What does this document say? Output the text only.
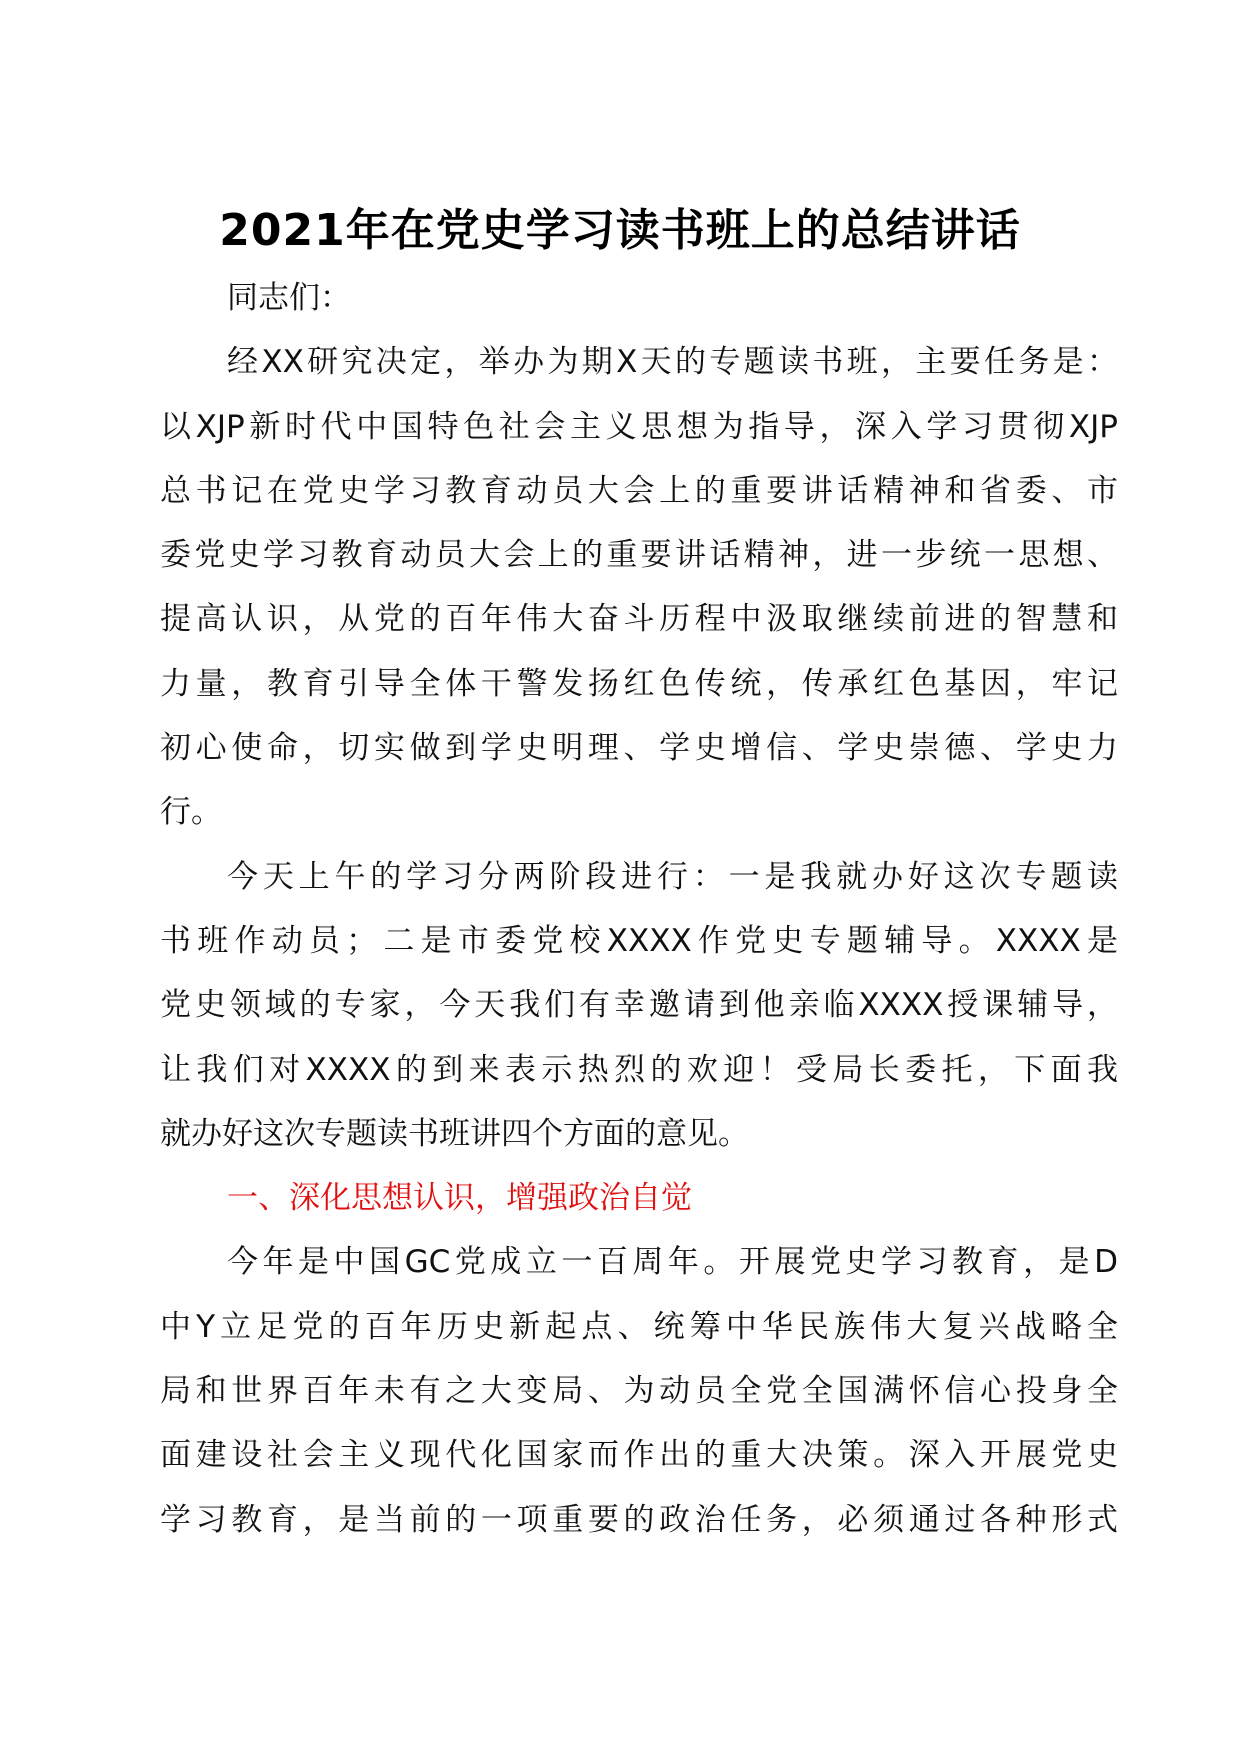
2021年在党史学习读书班上的总结讲话
同志们：
经XX研究决定，举办为期X天的专题读书班，主要任务是：
以XJP新时代中国特色社会主义思想为指导，深入学习贯彻XJP
总书记在党史学习教育动员大会上的重要讲话精神和省委、市
委党史学习教育动员大会上的重要讲话精神，进一步统一思想、
提高认识，从党的百年伟大奋斗历程中汲取继续前进的智慧和
力量，教育引导全体干警发扬红色传统，传承红色基因，牢记
初心使命，切实做到学史明理、学史增信、学史崇德、学史力
行。
今天上午的学习分两阶段进行：一是我就办好这次专题读
书班作动员；二是市委党校XXXX作党史专题辅导。XXXX是
党史领域的专家，今天我们有幸邀请到他亲临XXXX授课辅导，
让我们对XXXX的到来表示热烈的欢迎！受局长委托，下面我
就办好这次专题读书班讲四个方面的意见。
一、深化思想认识，增强政治自觉
今年是中国GC党成立一百周年。开展党史学习教育，是D
中Y立足党的百年历史新起点、统筹中华民族伟大复兴战略全
局和世界百年未有之大变局、为动员全党全国满怀信心投身全
面建设社会主义现代化国家而作出的重大决策。深入开展党史
学习教育，是当前的一项重要的政治任务，必须通过各种形式
